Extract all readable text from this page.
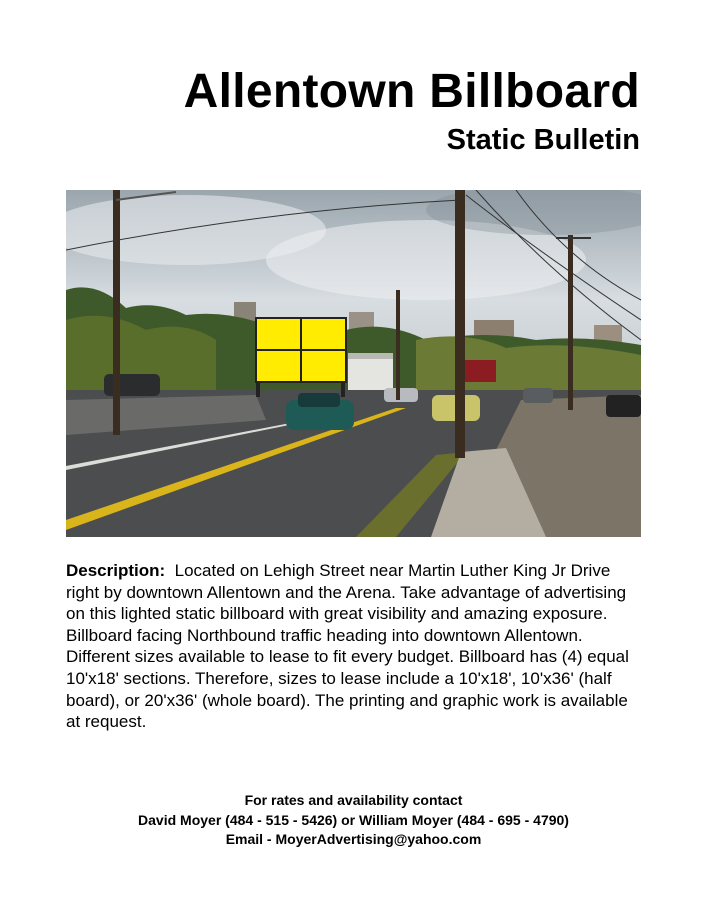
Allentown Billboard
Static Bulletin

Description: Located on Lehigh Street near Martin Luther King Jr Drive right by downtown Allentown and the Arena. Take advantage of advertising on this lighted static billboard with great visibility and amazing exposure. Billboard facing Northbound traffic heading into downtown Allentown. Different sizes available to lease to fit every budget. Billboard has (4) equal 10'x18' sections. Therefore, sizes to lease include a 10'x18', 10'x36' (half board), or 20'x36' (whole board). The printing and graphic work is available at request.

For rates and availability contact
David Moyer (484 - 515 - 5426) or William Moyer (484 - 695 - 4790)
Email - MoyerAdvertising@yahoo.com
